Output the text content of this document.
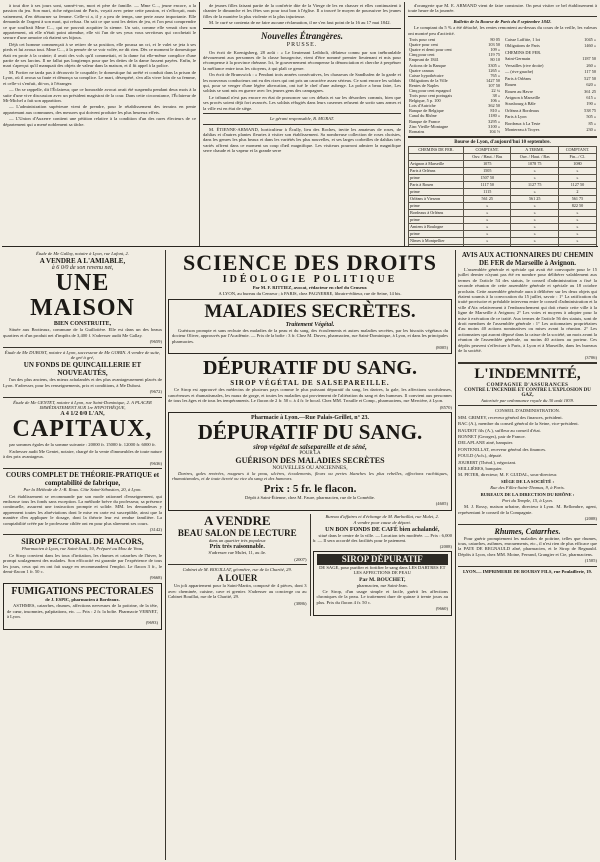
à tout dire à ses jours sont, sonné-t-on, mort et père de famille. — Mme C..., jeune encore, a la passion du jeu. Son mari, riche négociant de Paris, voyait avec peine cette passion, et s'efforçait, mais vainement, d'en détourner sa femme. Celle-ci a, il y a peu de temps, une perte assez importante. Elle demanda de l'argent à son mari, qui refusa. On sait ce que sont les dettes de jeu, et l'on peut comprendre ce que souffrait Mme C..., qui ne pouvait acquitter la sienne. Un soir, comme elle venait chez son appartement, où elle n'était point attendue, elle vit l'un de ses yeux vous serviteurs qui crochetait le serrure d'une armoire où étaient ses bijoux.

Déjà cet homme commençait à se retirer de sa position, elle poussa un cri, et le valet se jeta à ses pieds et lui avoua tout. Mme C..., à la pensée de se voir volée, ne dit rien. Dès ce moment le domestique était en proie à la crainte; il avait des vols qu'il commettait, et la dame fut elle-même complice d'une partie de ses larcins. Il ne fallut pas longtemps pour que les dettes de la dame fussent payées. Enfin, le mari s'aperçut qu'il manquait des objets de valeur dans la maison, et il fit appel à la police.

M. Fortier ne tarda pas à découvrir le coupable; le domestique fut arrêté et conduit dans la prison de Lyon, où il avoua sa faute et dénonça sa complice. Le mari, désespéré, s'en alla vivre loin de sa femme, et celle-ci s'enfuit, dit-on, à l'étranger.

— On se rappelle, dit l'Éclaireur, que ce honorable avocat avait été suspendu pendant deux mois à la suite d'une vive discussion avec un président magistrat de la cour. Dans cette circonstance, l'Éclaireur de Mt-Michel a fait son apparition.

— L'administration supérieure vient de prendre, pour le rétablissement des terrains en pente appartenant aux communes, des mesures qui doivent produire les plus heureux effets.

— L'Union d'Auxerre contient une pétition relative à la condition d'un des rares électeurs de ce département qui a mené noblement sa tâche.

de jeunes filles faisant partie de la confrérie dite de la Vierge de les en chasser et elles continuaient à chanter le dimanche et les fêtes son pour tout bon à l'église. Il a trouvé le moyen de poursuivre les jeunes filles de la manière la plus violente et la plus injurieuse.

M. le curé se contenta de ne faire aucune réclamation, il ne s'en faut point de la 16 au 17 mai 1842.

Nouvelles Étrangères.
PRUSSE.

On écrit de Koenigsberg, 28 août : « Le lieutenant Leibholt, délateur connu par son inébranlable dévouement aux personnes de la classe bourgeoise, vient d'être nommé premier lieutenant et mis pour récompense à la province rhénane. Ici, le gouvernement récompense la dénonciation et cherche à perpétuer la méfiance entre tous les citoyens, à qui plaît ce genre.

On écrit de Brunswick : « Pendant trois années consécutives, les chasseurs de Sandhafen de la garde et les nouveaux conducteurs ont eu des rixes qui ont pris un caractère assez sérieux. Ce sont encore les soldats qui, pour se venger d'une légère altercation, ont tué le chef d'une auberge. La police a beau faire, Les soldats se sont mis en guerre avec les jeunes gens des campagnes.

Le tribunal n'est pas encore en état de prononcer sur ces débats et sur les désordres commis, bien que ses procès soient déjà fort avancés. Les soldats réfugiés dans leurs casernes refusent de sortir sans armes et la ville est en état de siège.

Le gérant responsable, B. MURAT.

M. ÉTIENNE-ARMAND, horticulteur à Écully, lieu des Roches, invite les amateurs de roses, de dahlias et d'autres plantes fleuries à visiter son établissement. Sa nombreuse collection de roses choisies, dans les genres les plus beaux et dans les variétés les plus nouvelles, et ses larges corbeilles de dahlias très variés offrent dans ce moment un coup d'œil magnifique. Les visiteurs pourront admirer la magnifique serre chaude et la vapeur et la grande serre

d'orangerie que M. E. ARMAND vient de faire construire. On peut visiter ce bel établissement à toute heure de la journée.

Bulletin de la Bourse de Paris du 8 septembre 1842.

Le comptant du 5 % a été détaché, les rentes remontent au-dessus du cours de la veille, les valeurs ont montré peu d'activité.

Trois pour cent	80 05
Quatre pour cent	103 50
Quatre et demi pour cent	109 »
Cinq pour cent	119 75
Emprunt de 1841	80 10
Actions de la Banque	3305 »
Quatre canaux	1265 »
Caisse hypothécaire	765 »
Obligations de la Ville	1427 50
Rentes de Naples	107 50
Cinq pour cent espagnol	22 ¼
Trois pour cent portugais	38 »
Belgique, 5 p. 100	106 »
Lots d'Autriche	362 50
Banque de Belgique	810 »
Canal du Rhône	1180 »
Banque de France	3295 »
Zinc Vieille-Montagne	3100 »
Romains	104 ½
Caisse Laffitte, 1 lot	1045 »
Obligations de Paris	1460 »
CHEMINS DE FER.	
Saint-Germain	1187 50
Versailles (rive droite)	260 »
— (rive gauche)	117 50
Paris à Orléans	527 50
Rouen	620 »
Rouen au Havre	361 25
Avignon à Marseille	615 »
Strasbourg à Bâle	190 »
Orléans à Bordeaux	538 75
Paris à Lyon	505 »
Bordeaux à La Teste	85 »
Montereau à Troyes	230 »
Bourse de Lyon, d'aujourd'hui 10 septembre.
CHEMINS DE FER.	COMPTANT.	A TERME.	COMPTANT.
	Ouv. / Haut. / Bas	Ouv. / Haut. / Bas	Fin.../ Cl.
Avignon à Marseille	1075	1078 75	1080
Paris à Orléans	1505	»	»
prime	1507 50	»	»
Paris à Rouen	1117 50	1127 75	1127 50
prime	1115	»	2
Orléans à Vierzon	561 25	561 25	561 75
prime	»	»	822 50
Bordeaux à Orléans	»	»	»
prime	»	»	»
Amiens à Boulogne	»	»	»
prime	»	»	»
Nîmes à Montpellier	»	»	»

Étude de Me Gallay, notaire à Lyon, rue Lafont, 2.
A VENDRE A L'AMIABLE,
à 6 0/0 de son revenu net,
UNE MAISON
BIEN CONSTRUITE,

Située aux Brotteaux, commune de la Guillotière. Elle est dans un des beaux quartiers et d'un produit net d'impôts de 3,400 f. S'adresser audit Me Gallay.

(9659)
Étude de Me DUBOST, notaire à Lyon, successeur de Me GOBIN. A vendre de suite, de gré à gré,
UN FONDS DE QUINCAILLERIE ET NOUVEAUTÉS,

l'un des plus anciens, des mieux achalandés et des plus avantageusement placés de Lyon. S'adresser, pour les renseignements, prix et conditions, à Me Dubost.

(9672)
Étude de Me GENTET, notaire à Lyon, rue Saint-Dominique, 2. A PLACER IMMÉDIATEMENT SUR 1re HYPOTHÈQUE,
A 4 1/2 0/0 L'AN,
CAPITAUX,
par sommes égales de la somme suivante : 20000 fr. 15000 fr. 12000 fr. 6000 fr.

S'adresser audit Me Gentet, notaire, chargé de la vente d'immeubles de toute nature à des prix avantageux.

(9636)
COURS COMPLET DE THÉORIE-PRATIQUE et comptabilité de fabrique,
Par la Méthode de J.-B. Roux. Côte Saint-Sébastien, 20, à Lyon.

Cet établissement se recommande par son mode rationnel d'enseignement, qui embrasse tous les fonds sans exception. La méthode brève du professeur, sa présence continuelle, assurent une instruction prompte et solide. MM. les demandeurs y apprennent toutes les abréviations dont le mise en carte est susceptible, ainsi que la manière d'en appliquer le dosage, dont la théorie leur est rendue familière. La comptabilité créée par le professeur ciblée ont en pour plus sûrement ses cours.

(3142)
SIROP PECTORAL DE MACORS,
Pharmacien à Lyon, rue Saint-Jean, 50, Préparé au Mou de Veau.

Ce Sirop convient dans les toux d'irritation, les rhumes et catarrhes de l'hiver, le prompt soulagement des malades. Son efficacité est garantie par l'expérience de tous les jours, ceux qui en ont fait usage en recommandent l'emploi. Le flacon 3 fr., le demi-flacon 1 fr. 50 c.

(9668)
FUMIGATIONS PECTORALES
de J. ESPIC, pharmacien à Bordeaux.

ASTHMES, catarrhes, rhumes, affections nerveuses de la poitrine, de la tête, de cœur, insomnies, palpitations, etc. — Prix : 2 fr. la boîte. Pharmacie VERNET, à Lyon.

(9693)
SCIENCE DES DROITS
IDÉOLOGIE POLITIQUE
Par M. F. RITTIEZ, avocat, rédacteur en chef du Censeur.
A LYON, au bureau du Censeur ; à PARIS, chez PAGNERRE, libraire-éditeur, rue de Seine, 14 bis.
MALADIES SECRÈTES.
Traitement Végétal.

Guérison prompte et sans rechute des maladies de la peau et du sang, des écoulements et autres maladies secrètes, par les biscuits végétaux du docteur Oliver, approuvés par l'Académie. — Prix de la boîte : 3 fr. Chez M. Duvez, pharmacien, rue Saint-Dominique, à Lyon, et dans les principales pharmacies.

(8005)
DÉPURATIF DU SANG.
SIROP VÉGÉTAL DE SALSEPAREILLE.

Ce Sirop est approuvé des médecins de plusieurs pays comme le plus puissant dépuratif du sang, les dartres, la gale, les affections scrofuleuses, cancéreuses et rhumatismales, les maux de gorge, et toutes les maladies qui proviennent de l'altération du sang et des humeurs. Il convient aux personnes de tous les âges et de tous les tempéraments. Le flacon de 2 fr. 50 c. à 4 fr. le bocal. Chez MM. Trouille et Comp., pharmaciens, rue Mercière, à Lyon.

(8570)
Pharmacie à Lyon.—Rue Palais-Grillet, n° 23.
DÉPURATIF DU SANG.
sirop végétal de salsepareille et de séné,
POUR LA
GUÉRISON DES MALADIES SECRÈTES
NOUVELLES OU ANCIENNES,

Dartres, gales rentrées, rougeurs à la peau, ulcères, écoulements, fleurs ou pertes blanches les plus rebelles, affections rachitiques, rhumatismales, et de toute âcreté ou vice du sang et des humeurs.

Prix : 5 fr. le flacon.
Dépôt à Saint-Étienne, chez M. Faure, pharmacien, rue de la Comédie.
(4605)
A VENDRE
BEAU SALON DE LECTURE
dans un quartier très populeux
Prix très raisonnable.
S'adresser rue Mulet, 11, au 4e.
(2007)
Cabinet de M. BOUILLAT, géomètre, rue de la Charité, 29.
A LOUER

Un joli appartement pour la Saint-Martin, composé de 4 pièces, dont 3 avec cheminée, cuisine, cave et grenier. S'adresser au concierge ou au Cabinet Bouillat, rue de la Charité, 29.

(3886)
Bureau d'affaires et d'échange de M. Barbaillat, rue Mulet, 2.
A vendre pour cause de départ.
UN BON FONDS DE CAFÉ bien achalandé,

situé dans le centre de la ville. — Location très modérée. — Prix : 6,000 fr. — Il sera accordé des facilités pour le paiement.

(2008)
SIROP DÉPURATIF
DE SAGE, pour purifier et fortifier le sang dans LES DARTRES ET LES AFFECTIONS DE PEAU
Par M. BOUCHET,
pharmacien, rue Saint-Jean.

Ce Sirop, d'un usage simple et facile, guérit les affections chroniques de la peau. Le traitement dure de quinze à trente jours au plus. Prix du flacon 4 fr. 50 c.

(9660)
AVIS AUX ACTIONNAIRES DU CHEMIN DE FER de Marseille à Avignon.

L'assemblée générale et spéciale qui avait été convoquée pour le 15 juillet dernier n'ayant pas été en nombre pour délibérer valablement aux termes de l'article 54 des statuts, le conseil d'administration a fixé la seconde réunion de cette assemblée générale et spéciale au 18 octobre prochain. Cette assemblée générale aura à délibérer sur les deux objets qui étaient soumis à la convocation du 15 juillet, savoir : 1° La ratification du traité provisoire et préalable intervenu entre le conseil d'administration et la ville d'Aix relativement à l'embranchement qui doit réunir cette ville à la ligne de Marseille à Avignon; 2° Les voies et moyens à adopter pour la mise à exécution de ce traité. Aux termes de l'article 56 des statuts, sont de droit membres de l'assemblée générale : 1° Les actionnaires propriétaires d'au moins 40 actions nominatives ou mises avant la réunion. 2° Les actionnaires qui auront déposé dans la caisse de la société, un mois avant la réunion de l'assemblée générale, au moins 40 actions au porteur. Ces dépôts peuvent s'effectuer à Paris, à Lyon et à Marseille, dans les bureaux de la société.

(3706)
L'INDEMNITÉ,
COMPAGNIE D'ASSURANCES
CONTRE L'INCENDIE ET CONTRE L'EXPLOSION DU GAZ,
Autorisée par ordonnance royale du 30 août 1839.
CONSEIL D'ADMINISTRATION.
MM. GRIMEY, receveur général des finances, président.
BAC (A.), membre du conseil général de la Seine, vice-président.
BAUDOT fils (A.), suffleur au conseil d'état.
BONNET (Georges), pair de France.
DELAPLANE ainé, banquier.
FONTENILLAT, receveur général des finances.
FOULD (Ach.), député.
JOUBERT (Théod.), négociant.
SEILLIÈRES, banquier.
M. PETER, directeur; M. F. GUIDAL, sous-directeur.
SIÈGE DE LA SOCIÉTÉ :
Rue des Filles-Saint-Thomas, 9, à Paris.
BUREAUX DE LA DIRECTION DU RHÔNE :
Port du Temple, 15, à Lyon.

M. J. Rossy, maison urbaine, directeur à Lyon. M. Bellombre, agent, représentant le conseil de la Compagnie.

(2008)
Rhumes, Catarrhes.

Pour guérir promptement les maladies de poitrine, telles que rhumes, toux, catarrhes, asthmes, enrouements, etc., il n'est rien de plus efficace que la PATE DE REGNAULD aîné, pharmacien, et le Sirop de Regnauld. Dépôts à Lyon, chez MM. Moine, Ferrand, Grangier et Cie, pharmaciens.

(1505)
LYON.— IMPRIMERIE DE BOURSY FILS, rue Poulaillerie, 19.
